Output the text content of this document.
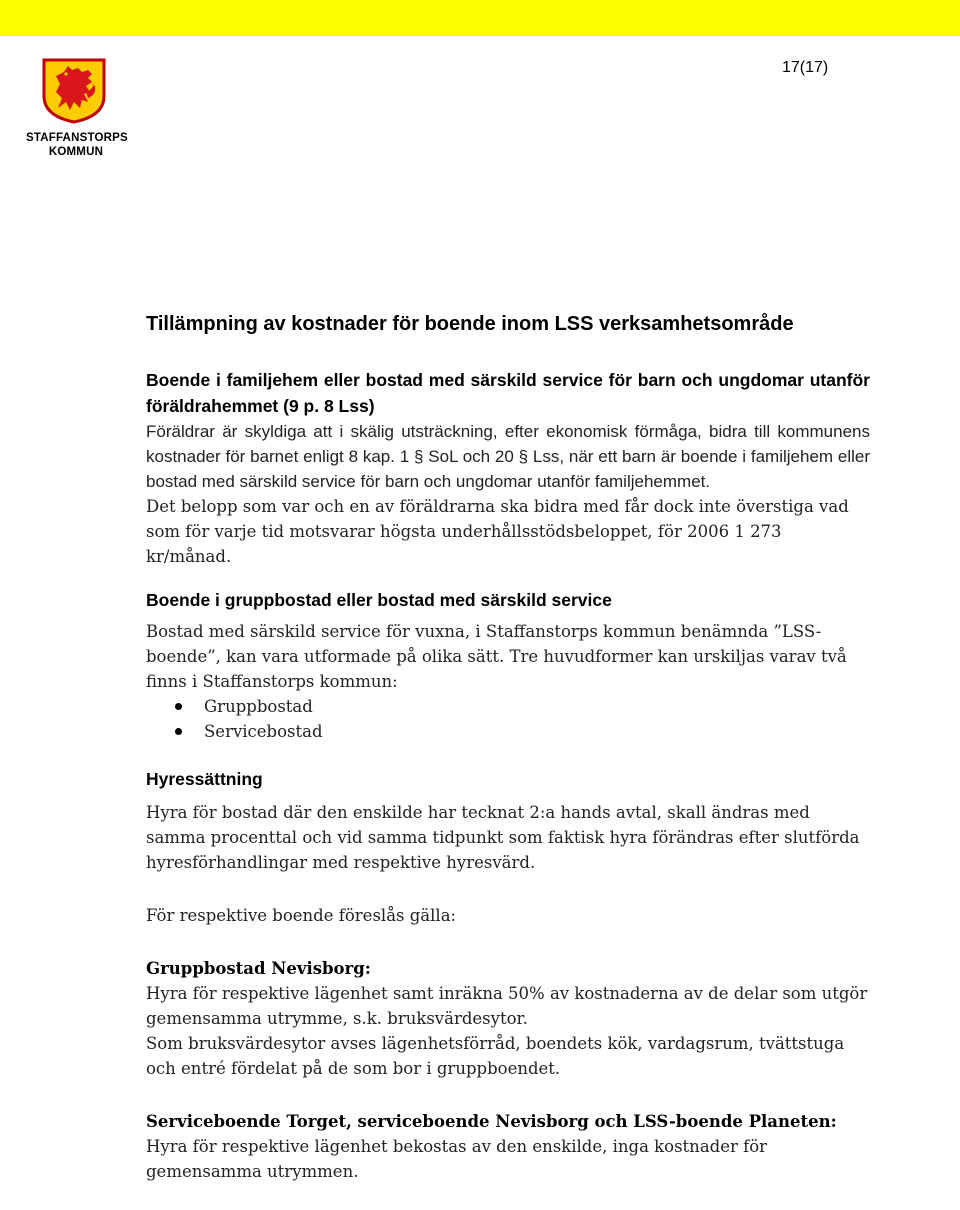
STAFFANSTORPS
KOMMUN
17(17)
Tillämpning av kostnader för boende inom LSS verksamhetsområde
Boende i familjehem eller bostad med särskild service för barn och ungdomar utanför föräldrahemmet (9 p. 8 Lss)

Föräldrar är skyldiga att i skälig utsträckning, efter ekonomisk förmåga, bidra till kommunens kostnader för barnet enligt 8 kap. 1 § SoL och 20 § Lss, när ett barn är boende i familjehem eller bostad med särskild service för barn och ungdomar utanför familjehemmet.

Det belopp som var och en av föräldrarna ska bidra med får dock inte överstiga vad som för varje tid motsvarar högsta underhållsstödsbeloppet, för 2006 1 273 kr/månad.

Boende i gruppbostad eller bostad med särskild service

Bostad med särskild service för vuxna, i Staffanstorps kommun benämnda ”LSS-boende”, kan vara utformade på olika sätt. Tre huvudformer kan urskiljas varav två finns i Staffanstorps kommun:

Gruppbostad
Servicebostad
Hyressättning

Hyra för bostad där den enskilde har tecknat 2:a hands avtal, skall ändras med samma procenttal och vid samma tidpunkt som faktisk hyra förändras efter slutförda hyresförhandlingar med respektive hyresvärd.

För respektive boende föreslås gälla:

Gruppbostad Nevisborg:

Hyra för respektive lägenhet samt inräkna 50% av kostnaderna av de delar som utgör gemensamma utrymme, s.k. bruksvärdesytor.

Som bruksvärdesytor avses lägenhetsförråd, boendets kök, vardagsrum, tvättstuga och entré fördelat på de som bor i gruppboendet.

Serviceboende Torget, serviceboende Nevisborg och LSS-boende Planeten:

Hyra för respektive lägenhet bekostas av den enskilde, inga kostnader för gemensamma utrymmen.
